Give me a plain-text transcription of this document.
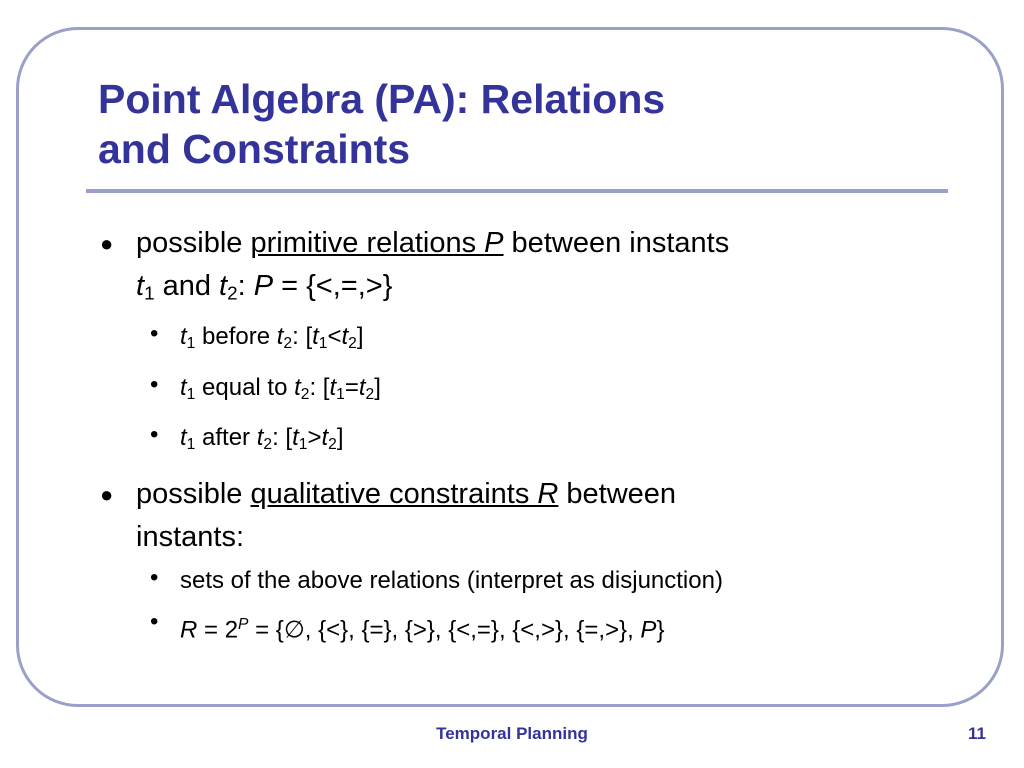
Point Algebra (PA): Relations
and Constraints
● possible primitive relations P between instants
$t_1$ and $t_2$: P = {<,=,>}
• $t_1$ before $t_2$: $[t_1<t_2]$
• $t_1$ equal to $t_2$: $[t_1=t_2]$
• $t_1$ after $t_2$: $[t_1>t_2]$
● possible qualitative constraints R between
instants:
• sets of the above relations (interpret as disjunction)
• $R = 2^P$ = {∅, {<}, {=}, {>}, {<,=}, {<,>}, {=,>}, P}
Temporal Planning	11
